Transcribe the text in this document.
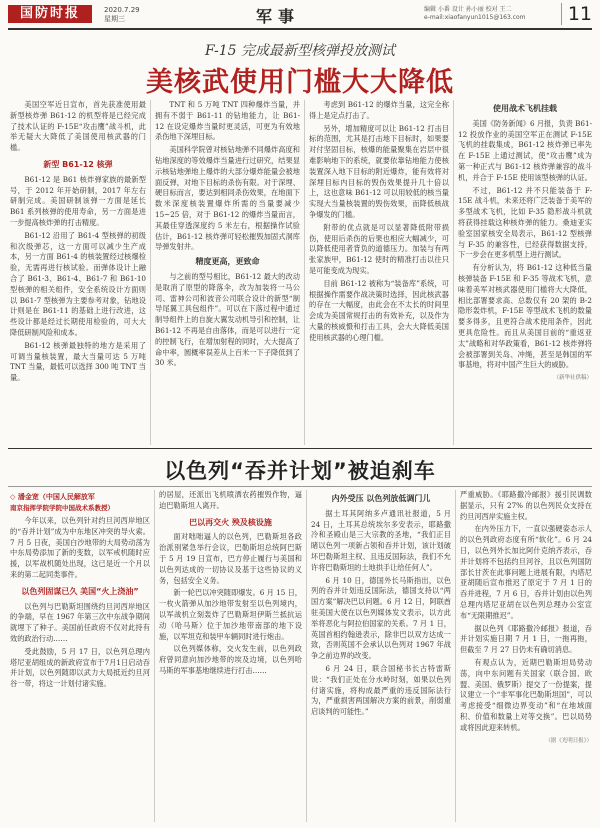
国防时报	2020.7.29
星期三	军事	编辑 小番 设计 孙小丽 校对 王二
e-mail:xiaofanyun1015@163.com	11
F-15 完成最新型核弹投放测试
美核武使用门槛大大降低

美国空军近日宣布，首先获准使用最新型核炸弹 B61-12 的机型将是已经完成了技术认证的 F-15E“攻击鹰”战斗机，此举无疑大大降低了美国使用核武器的门槛。

新型 B61-12 核弹

B61-12 是 B61 核炸弹家族的最新型号，于 2012 年开始研制，2017 年左右研制完成。美国研制该弹一方面是延长 B61 系列核弹的使用寿命，另一方面是进一步提高核炸弹的打击精度。

B61-12 沿用了 B61-4 型核弹的初级和次级弹芯，这一方面可以减少生产成本，另一方面 B61-4 的核装置经过核爆检验，无需再进行核试验。而弹体设计上融合了 B61-3、B61-4、B61-7 和 B61-10 型核弹的相关组件，安全系统设计方面则以 B61-7 型核弹为主要参考对象，钻地设计则是在 B61-11 的基础上进行改进，这些设计都是经过长期使用检验的，可大大降低研制风险和成本。

B61-12 核弹最独特的地方是采用了可调当量核装置，最大当量可达 5 万吨 TNT 当量，最低可以选择 300 吨 TNT 当量。

TNT 和 5 万吨 TNT 四种爆炸当量，并拥有不弱于 B61-11 的钻地能力，让 B61-12 在设定爆炸当量时更灵活，可更为有效地杀伤地下深埋目标。

美国科学院曾对核钻地弹不同爆炸高度和钻地深度的等效爆炸当量进行过研究，结果显示核钻地弹地上爆炸的大部分爆炸能量会被地面反弹，对地下目标的杀伤有限。对于深埋、硬目标而言，要达到相同杀伤效果，在地面下数米深度核装置爆炸所需的当量要减少 15~25 倍，对于 B61-12 的爆炸当量而言，其最佳穿透深度约 5 米左右，根据操作试验估计，B61-12 核炸弹可轻松摧毁加固式洞库导弹发射井。

精度更高，更致命

与之前的型号相比，B61-12 最大的改动是取消了原型的降落伞，改为加装将一马公司、雷神公司和波音公司联合设计的新型“制导尾翼工具包组件”。可以在下落过程中通过制导组件上的自旋大翼发动机导引和控制，让 B61-12 不再是自由落体，而是可以进行一定的控制飞行，在增加射程的同时，大大提高了命中率，圆概率误差从上百米一下子降低到了 30 米。

考虑到 B61-12 的爆炸当量，这完全称得上是定点打击了。

另外，增加精度可以让 B61-12 打击目标的范围，尤其是打击地下目标时，如果要对付坚固目标，核爆的能量聚集在岩层中很难影响地下的系统，就要依靠钻地能力使核装置深入地下目标的附近爆炸，能有效将对深埋目标内目标的毁伤效果提升几十倍以上，这也意味 B61-12 可以用较低的核当量实现大当量核装置的毁伤效果，而降低核战争爆发的门槛。

附带的优点就是可以显著降低附带损伤，使用后杀伤的后果也相应大幅减少，可以降低使用者背负的道德压力。加装与有两张家族甲，B61-12 使时的精准打击以往只是可能变成为现实。

目前 B61-12 被称为“装备库”系统，可根据操作需要作战决策时选择，因此核武器的存在一大幅度，由此会在不太长的时间里会成为美国常规打击的有效补充，以及作为大量的核威慑和打击工具，会大大降低美国使用核武器的心理门槛。

使用战术飞机挂载

美国《防务新闻》6 月报，负责 B61-12 投放作业的美国空军正在测试 F-15E 飞机的挂载集成，B61-12 核炸弹已率先在 F-15E 上通过测试，使“攻击鹰”成为第一种正式与 B61-12 核炸弹兼容的战斗机，并合于 F-15E 使用该型核弹的认证。

不过，B61-12 并不只能装备于 F-15E 战斗机，未来还将广泛装备于美军的多型战术飞机，比如 F-35 隐形战斗机就将获得挂载这种核炸弹的能力。桑迪亚实验室国家核安全局表示，B61-12 型核弹与 F-35 的兼容性，已经获得数据支持，下一步会在更多机型上进行测试。

有分析认为，将 B61-12 这种低当量核弹装备 F-15E 和 F-35 等战术飞机，意味着美军对核武器使用门槛将大大降低，相比部署要求高、总数仅有 20 架的 B-2 隐形轰炸机，F-15E 等型战术飞机的数量要多得多，且更符合战术使用条件，因此更具危险性。而且从美国目前的“重返亚太”战略和对华政策看，B61-12 核炸弹将会被部署到关岛、冲绳，甚至是韩国的军事基地，将对中国产生巨大的威胁。

（新华社供稿）

以色列“吞并计划”被迫刹车
◇ 潘金宽（中国人民解放军
南京指挥学院学院中国战术系教授）

今年以来，以色列针对约旦河西岸地区的“吞并计划”成为中东地区冲突的导火索。7 月 5 日夜，美国白沙地带的大局势动荡为中东局势添加了新的变数，以军戒机随时应援，以军战机随处出现，这已是近一个月以来的第二起同类事件。

以色列固谋已久 美国“火上浇油”

以色列与巴勒斯坦围绕约旦河西岸地区的争端，早在 1967 年第三次中东战争期间就埋下了种子。美国前任政府不仅对此持有效的政治行动……

受此鼓励，5 月 17 日，以色列总理内塔尼亚胡组成的新政府宣布于7月1日启动吞并计划，以色列随即以武力大局抵近约旦河谷一带，将这一计划付诸实施。

的居屋，还派出飞机喷洒农药摧毁作物，逼迫巴勒斯坦人离开。

巴以再交火 殃及核设施

面对咄咄逼人的以色列，巴勒斯坦各政治派别紧急举行会议，巴勒斯坦总统阿巴斯于 5 月 19 日宣布，巴方停止履行与美国和以色列达成的一切协议及基于这些协议的义务，包括安全义务。

新一轮巴以冲突随即爆发。6 月 15 日，一枚火箭弹从加沙地带发射至以色列境内，以军战机立刻轰炸了巴勒斯坦伊斯兰抵抗运动（哈马斯）位于加沙地带南部的地下设施，以军坦克和装甲车辆同时进行炮击。

以色列媒体称，交火发生前，以色列政府曾同意向加沙地带的埃及边境，以色列哈马斯的军事基地继续进行打击……

内外受压 以色列放低调门儿

据土耳其阿纳多卢通讯社报道，5 月 24 日，土耳其总统埃尔多安表示，耶路撒冷和圣殿山是三大宗教的圣地，“我们正目睹以色列一项新占领和吞并计划，该计划破坏巴勒斯坦主权、且违反国际法，我们不允许将巴勒斯坦的土地拱手让给任何人”。

6 月 10 日，德国外长马斯指出，以色列的吞并计划违反国际法，德国支持以“两国方案”解决巴以问题。6 月 12 日，阿联酋驻美国大使在以色列媒体发文表示，以方此举将恶化与阿拉伯国家的关系。7 月 1 日，英国首相约翰逊表示，除非巴以双方达成一致，否则英国不会承认以色列对 1967 年战争之前边界的改变。

6 月 24 日，联合国秘书长古特雷斯说：“我们正处在分水岭时刻，如果以色列付诸实施，将构成最严重的违反国际法行为，严重损害两国解决方案的前景，削弱重启谈判的可能性。”

严重威胁。《耶路撒冷邮报》援引民调数据显示，只有 27% 的以色列民众支持在约旦河西岸实施主权。

在内外压力下，一直以强硬姿态示人的以色列政府态度有所“软化”。6 月 24 日，以色列外长加比阿什克纳齐表示，吞并计划将不包括约旦河谷，且以色列国防部长甘茨在此事问题上进展有限，内塔尼亚胡随后宣布推迟了原定于 7 月 1 日的吞并进程，7 月 6 日，吞并计划由以色列总理内塔尼亚胡在以色列总理办公室宣布“无限期推迟”。

据以色列《耶路撒冷邮报》报道，吞并计划实施日期 7 月 1 日，一拖再拖，但截至 7 月 27 日仍未有确切消息。

有观点认为，近期巴勒斯坦局势动荡，向中东问题有关国家（联合国、欧盟、美国、俄罗斯）提交了一份提案，提议建立一个“非军事化巴勒斯坦国”，可以考虑接受“细微边界变动”和“在地域面积、价值和数量上对等交换”。巴以局势或将因此迎来转机。

（据《光明日报》）
